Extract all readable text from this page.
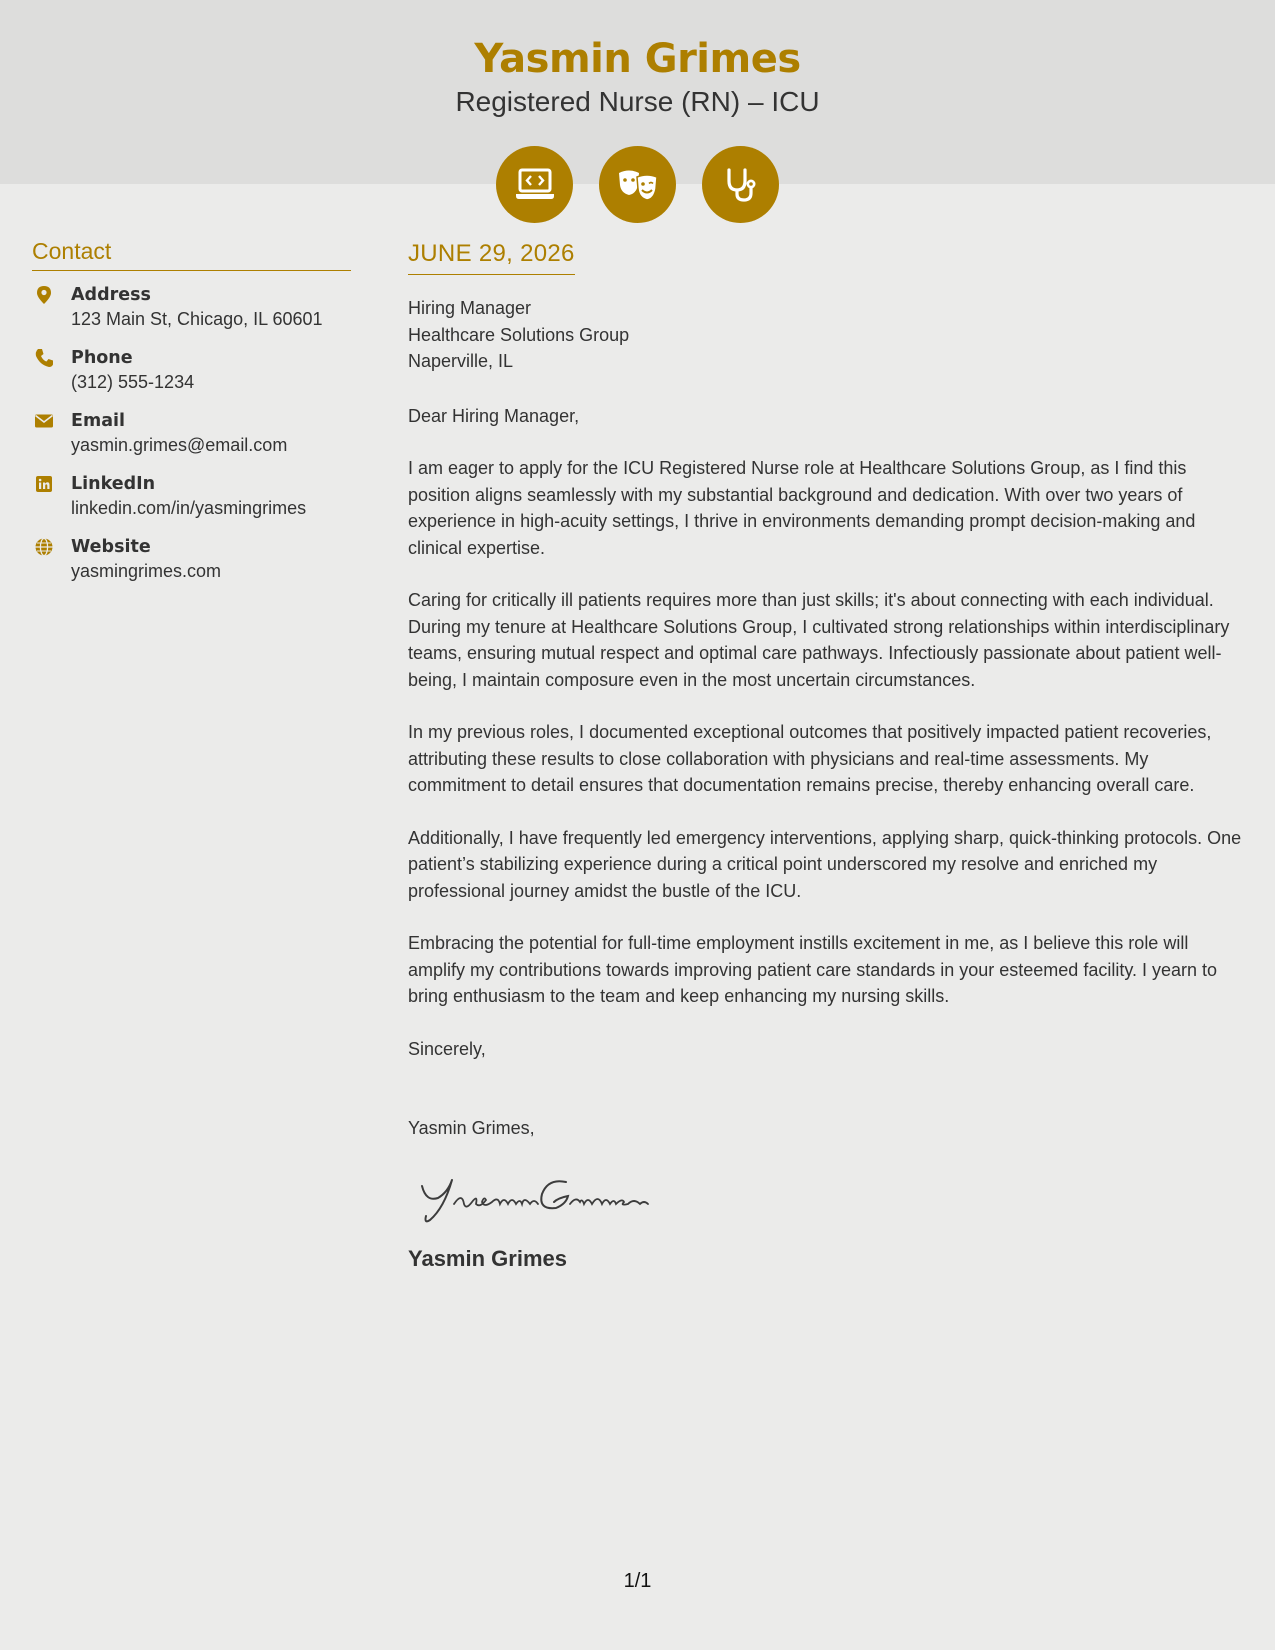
Yasmin Grimes
Registered Nurse (RN) – ICU
Contact
Address
123 Main St, Chicago, IL 60601
Phone
(312) 555-1234
Email
yasmin.grimes@email.com
LinkedIn
linkedin.com/in/yasmingrimes
Website
yasmingrimes.com
JUNE 29, 2026
Hiring Manager
Healthcare Solutions Group
Naperville, IL
Dear Hiring Manager,

I am eager to apply for the ICU Registered Nurse role at Healthcare Solutions Group, as I find this position aligns seamlessly with my substantial background and dedication. With over two years of experience in high-acuity settings, I thrive in environments demanding prompt decision-making and clinical expertise.

Caring for critically ill patients requires more than just skills; it's about connecting with each individual. During my tenure at Healthcare Solutions Group, I cultivated strong relationships within interdisciplinary teams, ensuring mutual respect and optimal care pathways. Infectiously passionate about patient well-being, I maintain composure even in the most uncertain circumstances.

In my previous roles, I documented exceptional outcomes that positively impacted patient recoveries, attributing these results to close collaboration with physicians and real-time assessments. My commitment to detail ensures that documentation remains precise, thereby enhancing overall care.

Additionally, I have frequently led emergency interventions, applying sharp, quick-thinking protocols. One patient’s stabilizing experience during a critical point underscored my resolve and enriched my professional journey amidst the bustle of the ICU.

Embracing the potential for full-time employment instills excitement in me, as I believe this role will amplify my contributions towards improving patient care standards in your esteemed facility. I yearn to bring enthusiasm to the team and keep enhancing my nursing skills.

Sincerely,
Yasmin Grimes,
Yasmin Grimes
1/1
